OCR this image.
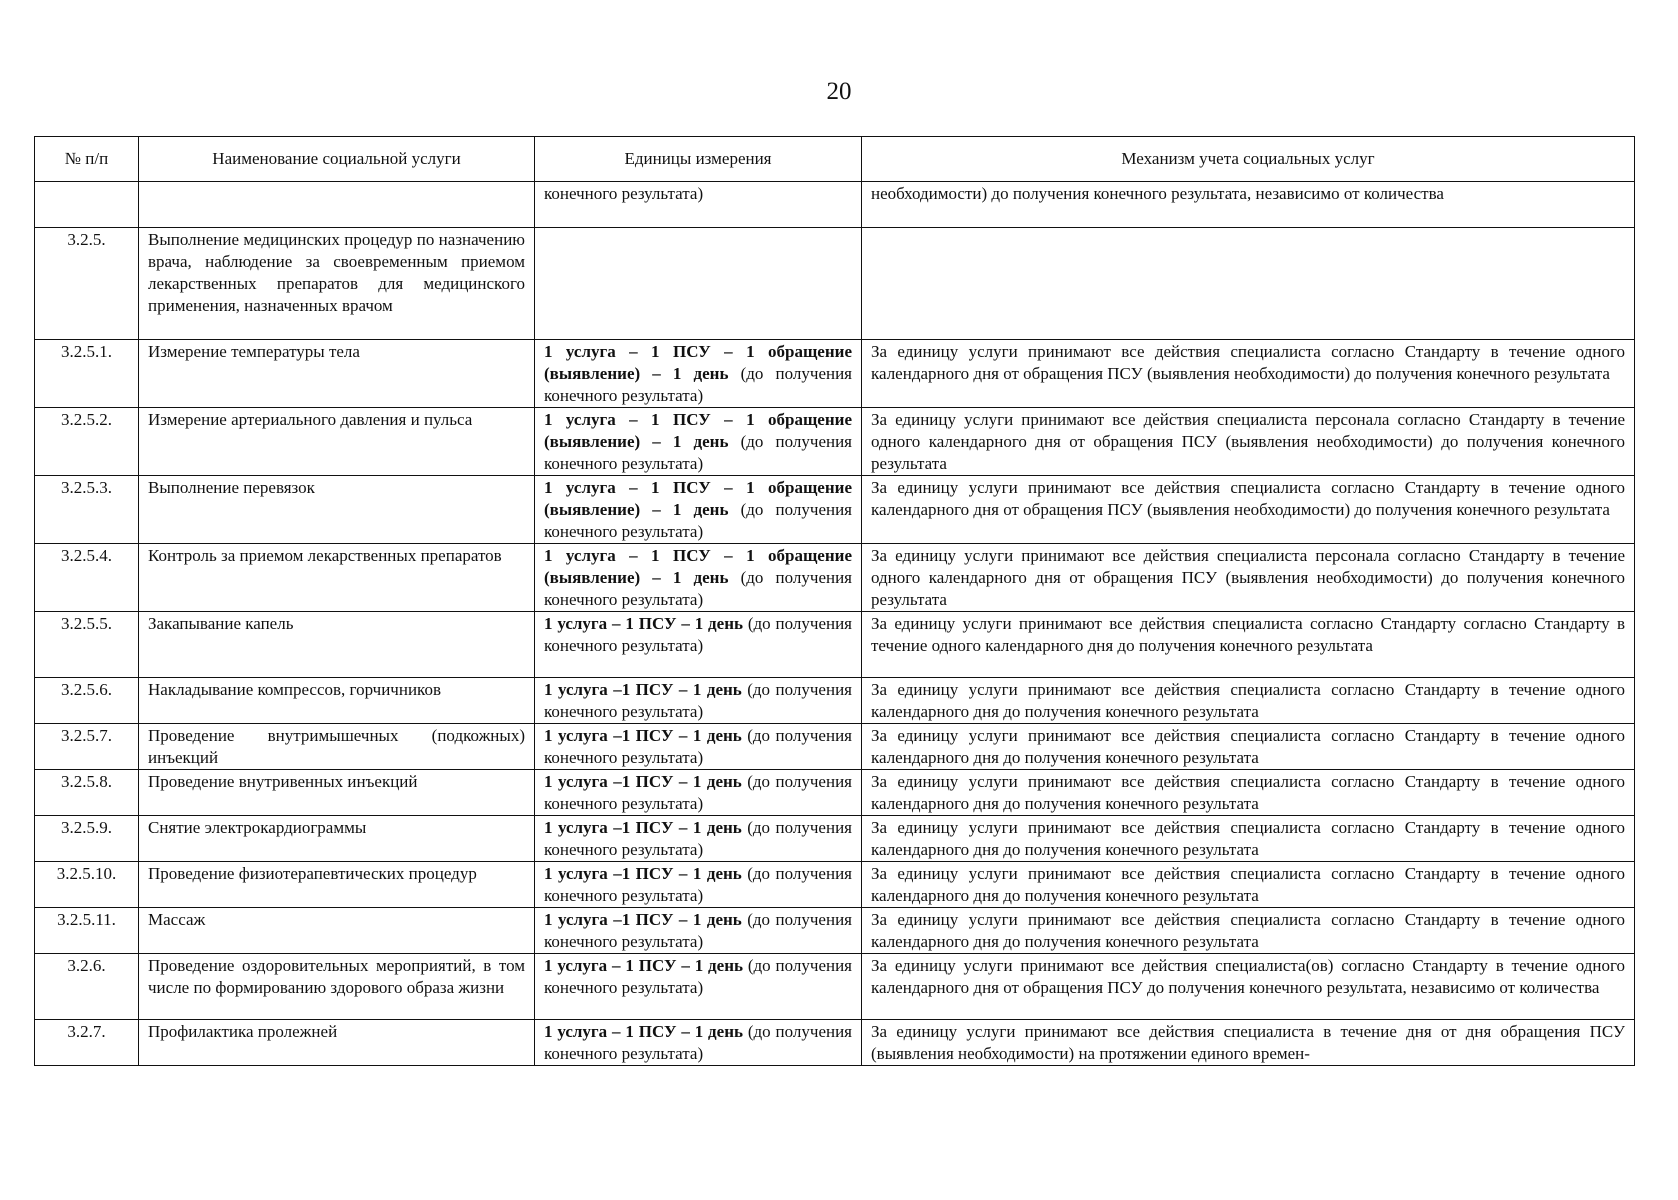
20
№ п/п	Наименование социальной услуги	Единицы измерения	Механизм учета социальных услуг
		конечного результата)	необходимости) до получения конечного результата, независимо от количества
3.2.5.	Выполнение медицинских процедур по назначению врача, наблюдение за своевременным приемом лекарственных препаратов для медицинского применения, назначенных врачом		
3.2.5.1.	Измерение температуры тела	1 услуга – 1 ПСУ – 1 обращение (выявление) – 1 день (до получения конечного результата)	За единицу услуги принимают все действия специалиста согласно Стандарту в течение одного календарного дня от обращения ПСУ (выявления необходимости) до получения конечного результата
3.2.5.2.	Измерение артериального давления и пульса	1 услуга – 1 ПСУ – 1 обращение (выявление) – 1 день (до получения конечного результата)	За единицу услуги принимают все действия специалиста персонала согласно Стандарту в течение одного календарного дня от обращения ПСУ (выявления необходимости) до получения конечного результата
3.2.5.3.	Выполнение перевязок	1 услуга – 1 ПСУ – 1 обращение (выявление) – 1 день (до получения конечного результата)	За единицу услуги принимают все действия специалиста согласно Стандарту в течение одного календарного дня от обращения ПСУ (выявления необходимости) до получения конечного результата
3.2.5.4.	Контроль за приемом лекарственных препаратов	1 услуга – 1 ПСУ – 1 обращение (выявление) – 1 день (до получения конечного результата)	За единицу услуги принимают все действия специалиста персонала согласно Стандарту в течение одного календарного дня от обращения ПСУ (выявления необходимости) до получения конечного результата
3.2.5.5.	Закапывание капель	1 услуга – 1 ПСУ – 1 день (до получения конечного результата)	За единицу услуги принимают все действия специалиста согласно Стандарту согласно Стандарту в течение одного календарного дня до получения конечного результата
3.2.5.6.	Накладывание компрессов, горчичников	1 услуга –1 ПСУ – 1 день (до получения конечного результата)	За единицу услуги принимают все действия специалиста согласно Стандарту в течение одного календарного дня до получения конечного результата
3.2.5.7.	Проведение внутримышечных (подкожных) инъекций	1 услуга –1 ПСУ – 1 день (до получения конечного результата)	За единицу услуги принимают все действия специалиста согласно Стандарту в течение одного календарного дня до получения конечного результата
3.2.5.8.	Проведение внутривенных инъекций	1 услуга –1 ПСУ – 1 день (до получения конечного результата)	За единицу услуги принимают все действия специалиста согласно Стандарту в течение одного календарного дня до получения конечного результата
3.2.5.9.	Снятие электрокардиограммы	1 услуга –1 ПСУ – 1 день (до получения конечного результата)	За единицу услуги принимают все действия специалиста согласно Стандарту в течение одного календарного дня до получения конечного результата
3.2.5.10.	Проведение физиотерапевтических процедур	1 услуга –1 ПСУ – 1 день (до получения конечного результата)	За единицу услуги принимают все действия специалиста согласно Стандарту в течение одного календарного дня до получения конечного результата
3.2.5.11.	Массаж	1 услуга –1 ПСУ – 1 день (до получения конечного результата)	За единицу услуги принимают все действия специалиста согласно Стандарту в течение одного календарного дня до получения конечного результата
3.2.6.	Проведение оздоровительных мероприятий, в том числе по формированию здорового образа жизни	1 услуга – 1 ПСУ – 1 день (до получения конечного результата)	За единицу услуги принимают все действия специалиста(ов) согласно Стандарту в течение одного календарного дня от обращения ПСУ до получения конечного результата, независимо от количества
3.2.7.	Профилактика пролежней	1 услуга – 1 ПСУ – 1 день (до получения конечного результата)	За единицу услуги принимают все действия специалиста в течение дня от дня обращения ПСУ (выявления необходимости) на протяжении единого времен-
